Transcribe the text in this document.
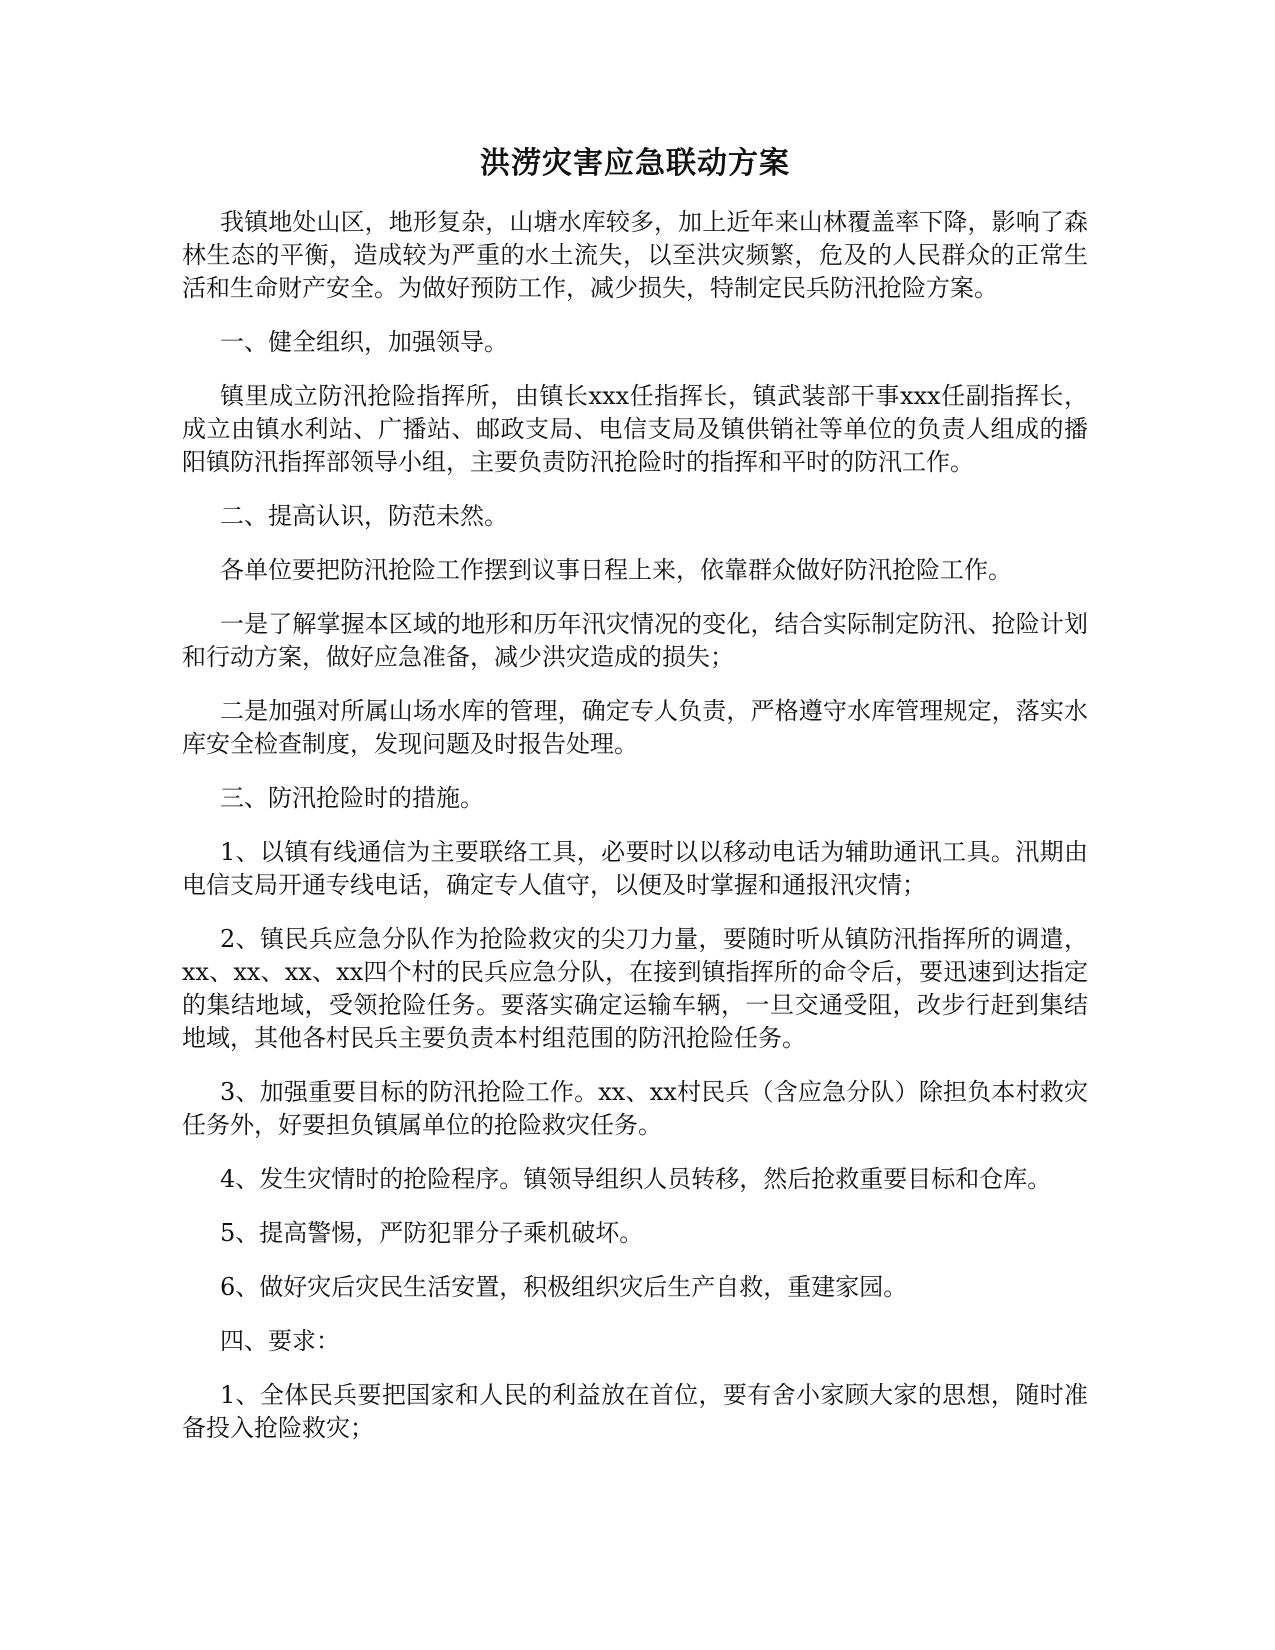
洪涝灾害应急联动方案

我镇地处山区，地形复杂，山塘水库较多，加上近年来山林覆盖率下降，影响了森林生态的平衡，造成较为严重的水土流失，以至洪灾频繁，危及的人民群众的正常生活和生命财产安全。为做好预防工作，减少损失，特制定民兵防汛抢险方案。

一、健全组织，加强领导。

镇里成立防汛抢险指挥所，由镇长xxx任指挥长，镇武装部干事xxx任副指挥长，成立由镇水利站、广播站、邮政支局、电信支局及镇供销社等单位的负责人组成的播阳镇防汛指挥部领导小组，主要负责防汛抢险时的指挥和平时的防汛工作。

二、提高认识，防范未然。

各单位要把防汛抢险工作摆到议事日程上来，依靠群众做好防汛抢险工作。

一是了解掌握本区域的地形和历年汛灾情况的变化，结合实际制定防汛、抢险计划和行动方案，做好应急准备，减少洪灾造成的损失；

二是加强对所属山场水库的管理，确定专人负责，严格遵守水库管理规定，落实水库安全检查制度，发现问题及时报告处理。

三、防汛抢险时的措施。

1、以镇有线通信为主要联络工具，必要时以以移动电话为辅助通讯工具。汛期由电信支局开通专线电话，确定专人值守，以便及时掌握和通报汛灾情；

2、镇民兵应急分队作为抢险救灾的尖刀力量，要随时听从镇防汛指挥所的调遣，xx、xx、xx、xx四个村的民兵应急分队，在接到镇指挥所的命令后，要迅速到达指定的集结地域，受领抢险任务。要落实确定运输车辆，一旦交通受阻，改步行赶到集结地域，其他各村民兵主要负责本村组范围的防汛抢险任务。

3、加强重要目标的防汛抢险工作。xx、xx村民兵（含应急分队）除担负本村救灾任务外，好要担负镇属单位的抢险救灾任务。

4、发生灾情时的抢险程序。镇领导组织人员转移，然后抢救重要目标和仓库。

5、提高警惕，严防犯罪分子乘机破坏。

6、做好灾后灾民生活安置，积极组织灾后生产自救，重建家园。

四、要求：

1、全体民兵要把国家和人民的利益放在首位，要有舍小家顾大家的思想，随时准备投入抢险救灾；
